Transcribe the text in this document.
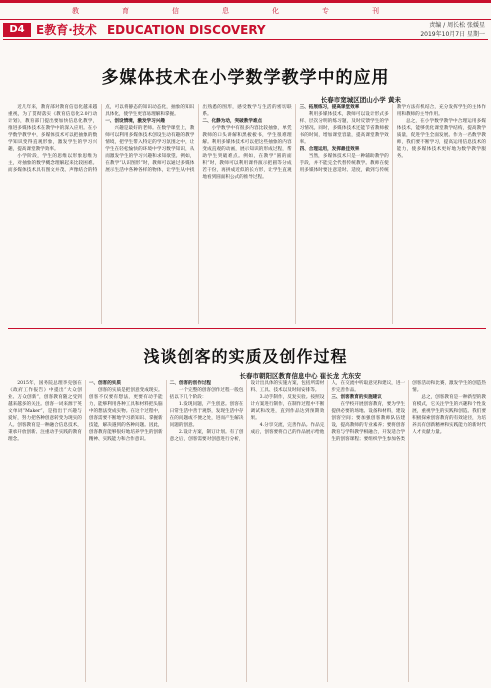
教	育	信	息	化	专	刊
D4 E教育·技术 EDUCATION DISCOVERY	责编 / 周长松 张媛星
2019年10月7日 星期一
多媒体技术在小学数学教学中的应用
长春市宽城区团山小学 黄未

近几年来，教育部对教育信息化越来越重视，为了贯彻落实《教育信息化2.0行动计划》，教育部门提出要加快信息化教学，推进多媒体技术在教学中的深入应用。在小学数学教学中，多媒体技术可以把抽象的数学知识变得直观形象，激发学生的学习兴趣，提高课堂教学效率。

小学阶段，学生的思维以形象思维为主，对抽象的数学概念理解起来比较困难。而多媒体技术具有图文并茂、声像结合的特点，可以将静态的知识动态化，抽象的知识具体化，使学生更容易理解和掌握。

一、创设情境，激发学习兴趣

兴趣是最好的老师。在数学课堂上，教师可以利用多媒体技术创设生动有趣的教学情境，把学生带入特定的学习氛围之中，让学生在轻松愉快的环境中学习数学知识，从而激发学生的学习兴趣和求知欲望。例如，在教学“认识图形”时，教师可以通过多媒体展示生活中各种各样的物体，让学生从中找出熟悉的图形，感受数学与生活的密切联系。

二、化静为动，突破教学难点

小学数学中有很多内容比较抽象，单凭教师的口头讲解和黑板板书，学生很难理解。利用多媒体技术可以把这些抽象的内容变成直观的动画，展示知识的形成过程，帮助学生突破难点。例如，在教学“圆的面积”时，教师可以利用课件演示把圆等分成若干份，再拼成近似的长方形，让学生直观地看到圆面积公式的推导过程。

三、拓展练习，提高课堂效率

利用多媒体技术，教师可以设计形式多样、层次分明的练习题，及时反馈学生的学习情况。同时，多媒体技术还能节省教师板书的时间，增加课堂容量，提高课堂教学效率。

四、合理运用，发挥最佳效果

当然，多媒体技术只是一种辅助教学的手段，并不能完全代替传统教学。教师在使用多媒体时要注意适时、适度，做到与传统教学方法有机结合，充分发挥学生的主体作用和教师的主导作用。

总之，在小学数学教学中合理运用多媒体技术，能够优化课堂教学结构，提高教学质量，促进学生全面发展。作为一名数学教师，我们要不断学习，提高运用信息技术的能力，使多媒体技术更好地为数学教学服务。

浅谈创客的实质及创作过程
长春市朝阳区教育信息中心 崔长龙 尤东安

2015年，国务院总理李克强在《政府工作报告》中提出“大众创业、万众创新”，创客教育随之受到越来越多的关注。创客一词来源于英文单词“Maker”，是指出于兴趣与爱好，努力把各种创意转变为现实的人。创客教育是一种融合信息技术，秉承开放创新、注重动手实践的教育理念。

一、创客的实质

创客的实质是把创意变成现实。创客不仅要有想法，更要有动手能力，能够利用各种工具和材料把头脑中的想法变成实物。在这个过程中，创客需要不断地学习新知识、掌握新技能，解决遇到的各种问题。因此，创客教育能够很好地培养学生的创新精神、实践能力和合作意识。

二、创客的创作过程

一个完整的创客创作过程一般包括以下几个阶段：

1.发现问题，产生创意。创客在日常生活中善于观察，发现生活中存在的问题或不便之处，进而产生解决问题的创意。

2.设计方案，制订计划。有了创意之后，创客需要对创意进行分析，设计出具体的实施方案，包括所需材料、工具、技术以及时间安排等。

3.动手制作，反复实验。按照设计方案进行制作，在制作过程中不断调试和改进，直到作品达到预期效果。

4.分享交流，完善作品。作品完成后，创客要将自己的作品展示给他人，在交流中听取意见和建议，进一步完善作品。

三、创客教育的实施建议

在学校开展创客教育，要为学生提供必要的场地、设备和材料，建设创客空间；要加强创客教师队伍建设，提高教师的专业素养；要将创客教育与学科教学相融合，开发适合学生的创客课程；要组织学生参加各类创客活动和比赛，激发学生的创造热情。

总之，创客教育是一种新型的教育模式，它关注学生的兴趣和个性发展，重视学生的实践和创造。我们要积极探索创客教育的有效途径，为培养具有创新精神和实践能力的新时代人才贡献力量。
